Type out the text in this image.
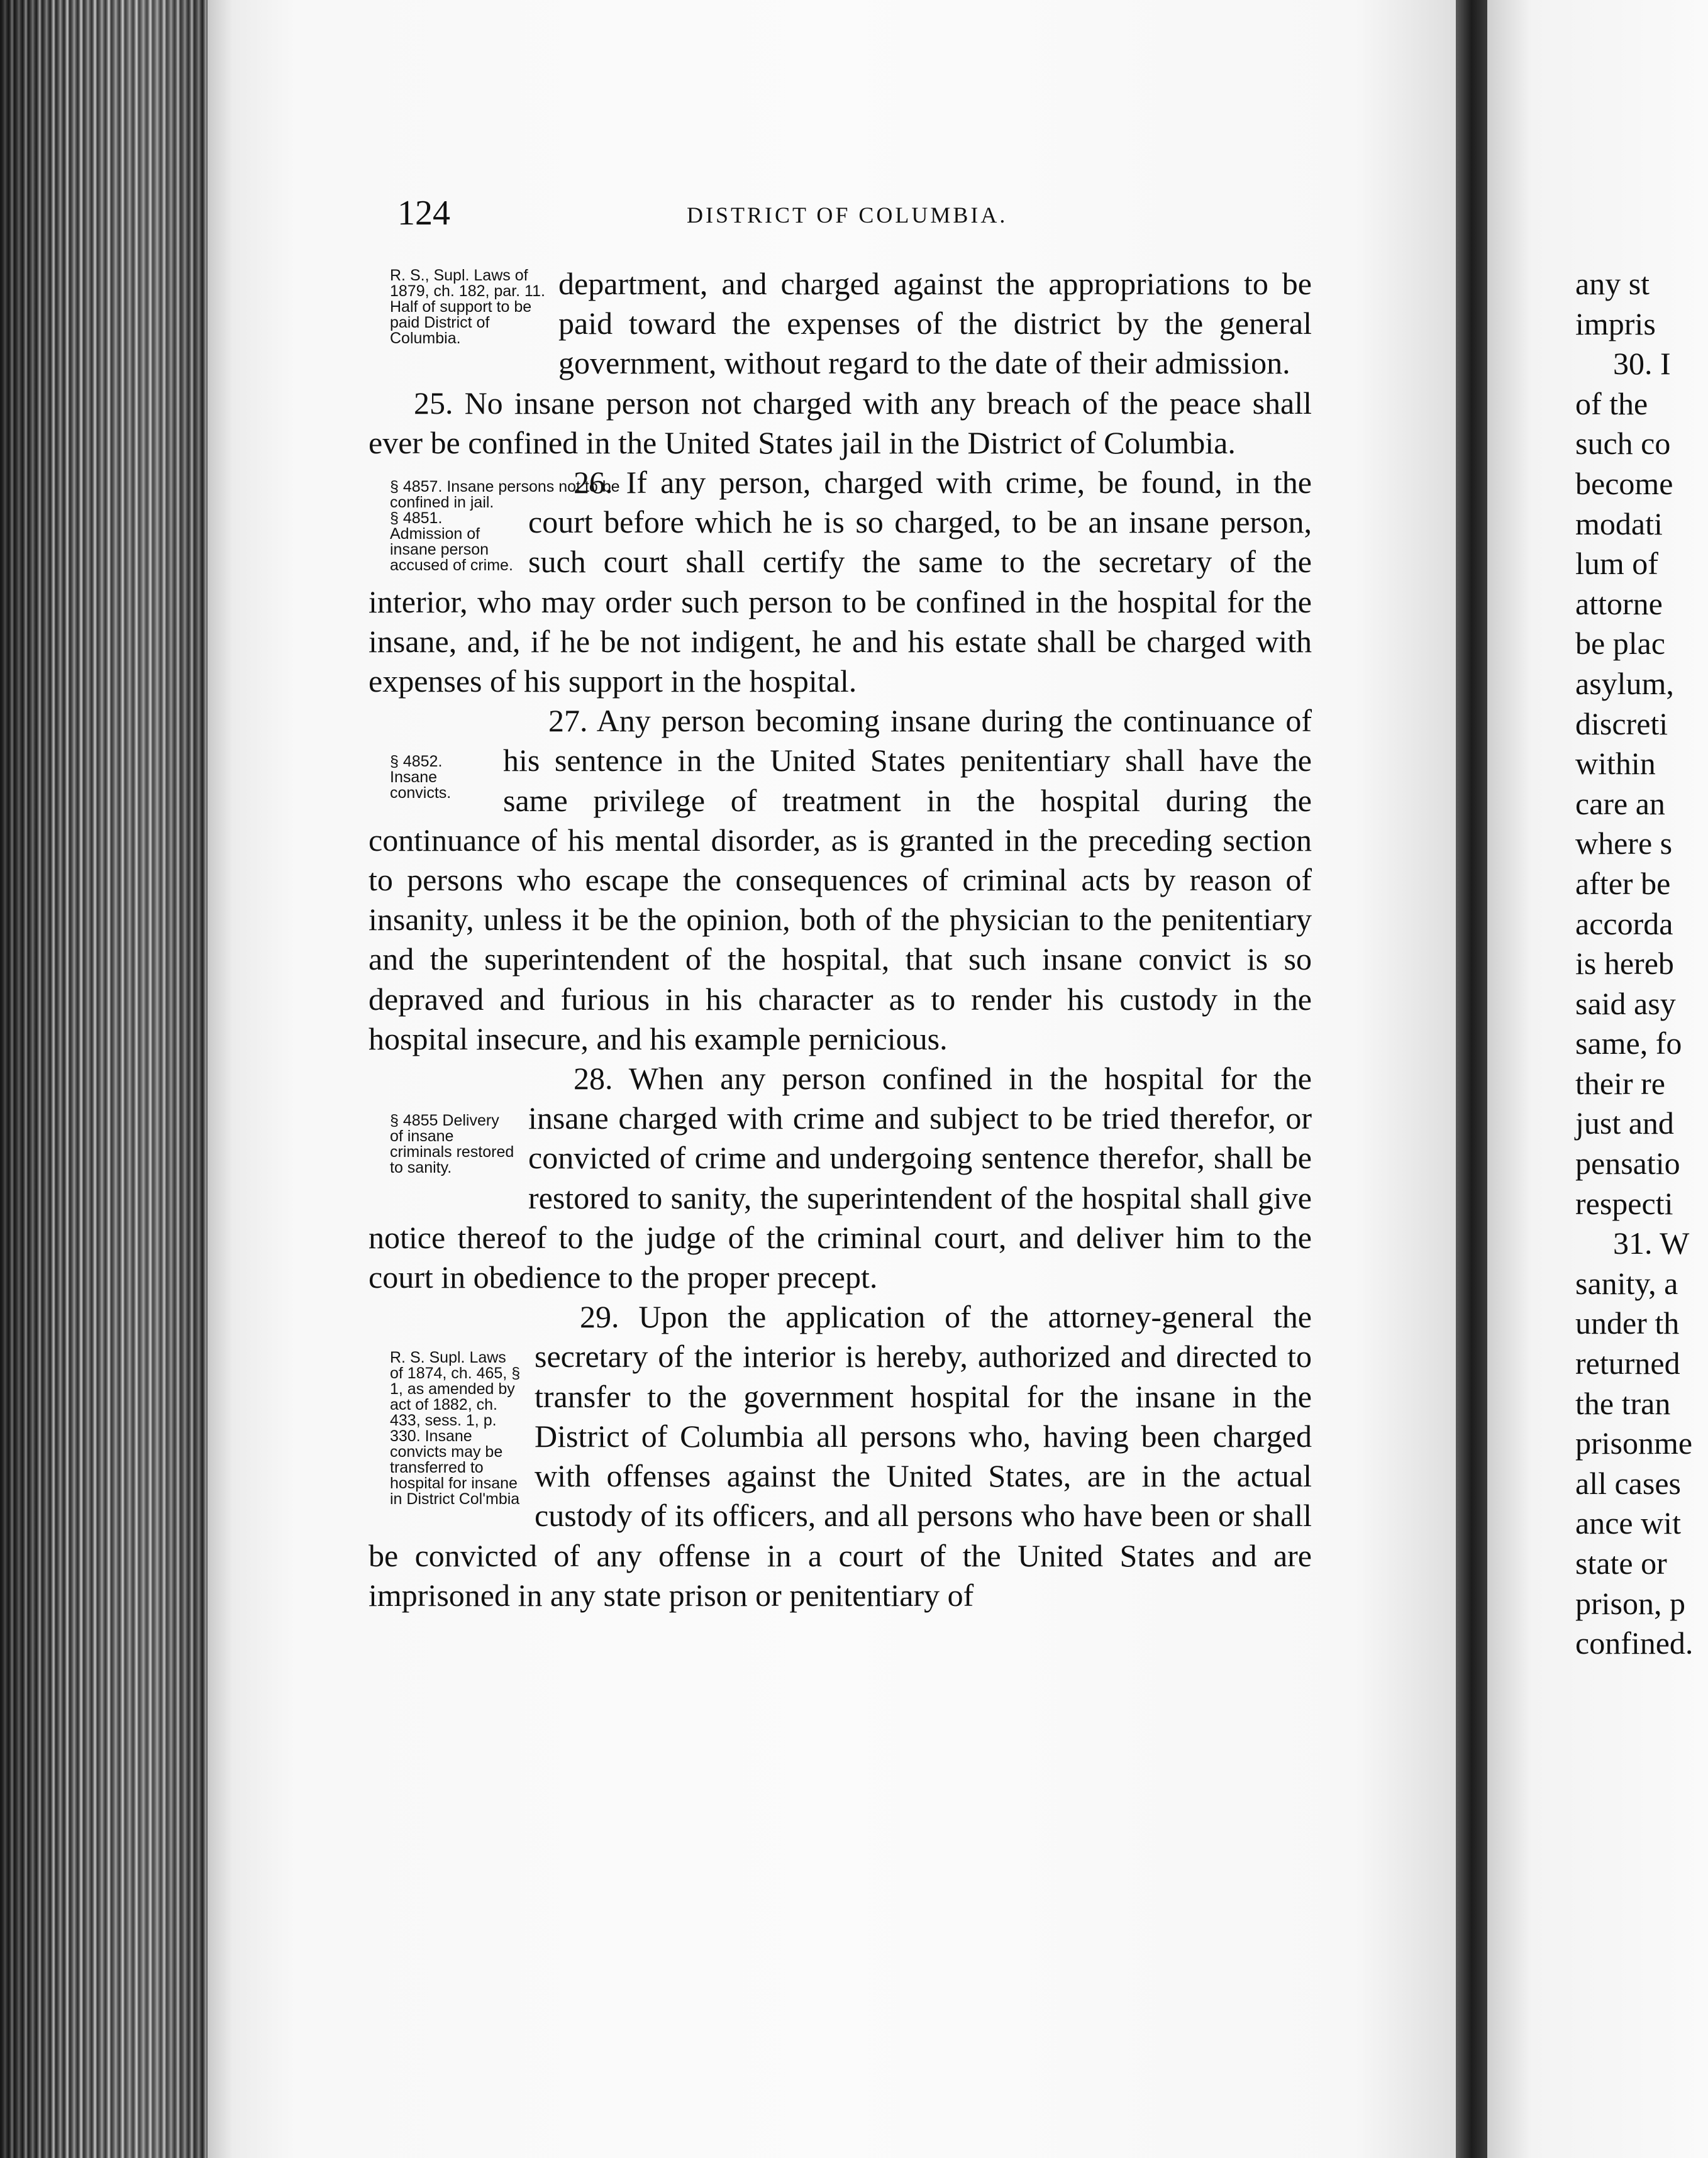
124	DISTRICT OF COLUMBIA.
R. S., Supl. Laws of 1879, ch. 182, par. 11. Half of support to be paid District of Columbia.

department, and charged against the appropriations to be paid toward the expenses of the district by the general government, without regard to the date of their admission.

25. No insane person not charged with any breach of the peace shall ever be confined in the United States jail in the District of Columbia.

§ 4851. Admission of insane person accused of crime.

26. If any person, charged with crime, be found, in the court before which he is so charged, to be an insane person, such court shall certify the same to the secretary of the interior, who may order such person to be confined in the hospital for the insane, and, if he be not indigent, he and his estate shall be charged with expenses of his support in the hospital.

§ 4852. Insane convicts.

27. Any person becoming insane during the continuance of his sentence in the United States penitentiary shall have the same privilege of treatment in the hospital during the continuance of his mental disorder, as is granted in the preceding section to persons who escape the consequences of criminal acts by reason of insanity, unless it be the opinion, both of the physician to the penitentiary and the superintendent of the hospital, that such insane convict is so depraved and furious in his character as to render his custody in the hospital insecure, and his example pernicious.

§ 4855 Delivery of insane criminals restored to sanity.

28. When any person confined in the hospital for the insane charged with crime and subject to be tried therefor, or convicted of crime and undergoing sentence therefor, shall be restored to sanity, the superintendent of the hospital shall give notice thereof to the judge of the criminal court, and deliver him to the court in obedience to the proper precept.

R. S. Supl. Laws of 1874, ch. 465, § 1, as amended by act of 1882, ch. 433, sess. 1, p. 330. Insane convicts may be transferred to hospital for insane in District Col'mbia

29. Upon the application of the attorney-general the secretary of the interior is hereby, authorized and directed to transfer to the government hospital for the insane in the District of Columbia all persons who, having been charged with offenses against the United States, are in the actual custody of its officers, and all persons who have been or shall be convicted of any offense in a court of the United States and are imprisoned in any state prison or penitentiary of

§ 4857. Insane persons not to be confined in jail.
any st
impris
30. I
of the
such co
become
modati
lum of
attorne
be plac
asylum,
discreti
within
care an
where s
after be
accorda
is hereb
said asy
same, fo
their re
just and
pensatio
respecti
31. W
sanity, a
under th
returned
the tran
prisonme
all cases
ance wit
state or
prison, p
confined.
